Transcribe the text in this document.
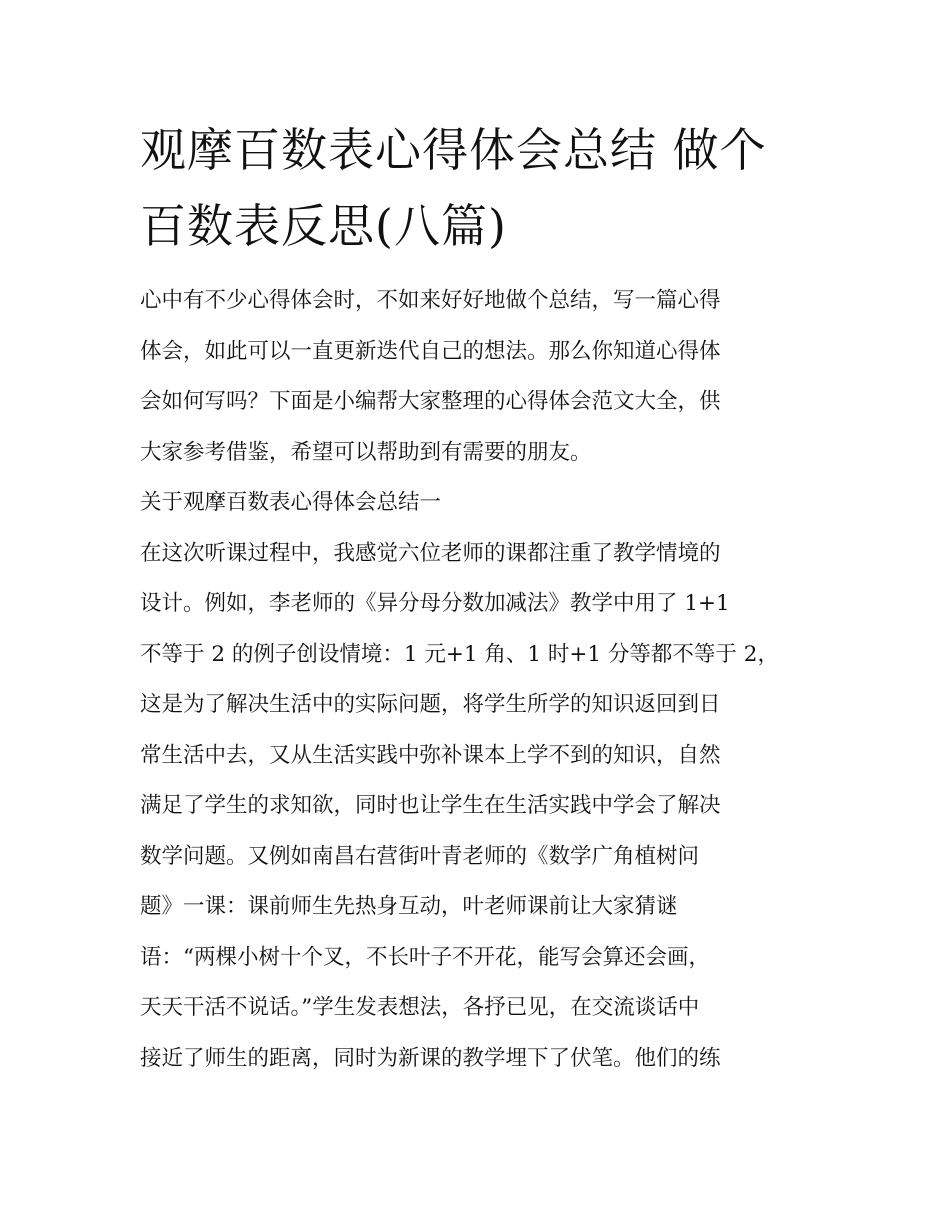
观摩百数表心得体会总结 做个
百数表反思(八篇)

心中有不少心得体会时，不如来好好地做个总结，写一篇心得
体会，如此可以一直更新迭代自己的想法。那么你知道心得体
会如何写吗？下面是小编帮大家整理的心得体会范文大全，供
大家参考借鉴，希望可以帮助到有需要的朋友。

关于观摩百数表心得体会总结一

在这次听课过程中，我感觉六位老师的课都注重了教学情境的
设计。例如，李老师的《异分母分数加减法》教学中用了 1+1
不等于 2 的例子创设情境：1 元+1 角、1 时+1 分等都不等于 2，
这是为了解决生活中的实际问题，将学生所学的知识返回到日
常生活中去，又从生活实践中弥补课本上学不到的知识，自然
满足了学生的求知欲，同时也让学生在生活实践中学会了解决
数学问题。又例如南昌右营街叶青老师的《数学广角植树问
题》一课：课前师生先热身互动，叶老师课前让大家猜谜
语：“两棵小树十个叉，不长叶子不开花，能写会算还会画，
天天干活不说话。”学生发表想法，各抒已见，在交流谈话中
接近了师生的距离，同时为新课的教学埋下了伏笔。他们的练
